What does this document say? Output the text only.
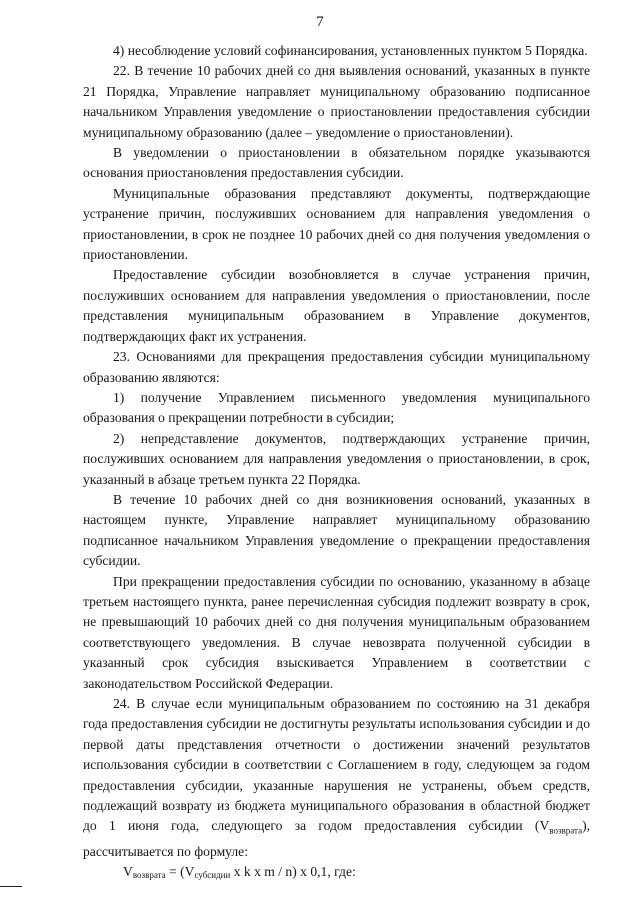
7

4) несоблюдение условий софинансирования, установленных пунктом 5 Порядка.

22. В течение 10 рабочих дней со дня выявления оснований, указанных в пункте 21 Порядка, Управление направляет муниципальному образованию подписанное начальником Управления уведомление о приостановлении предоставления субсидии муниципальному образованию (далее – уведомление о приостановлении).

В уведомлении о приостановлении в обязательном порядке указываются основания приостановления предоставления субсидии.

Муниципальные образования представляют документы, подтверждающие устранение причин, послуживших основанием для направления уведомления о приостановлении, в срок не позднее 10 рабочих дней со дня получения уведомления о приостановлении.

Предоставление субсидии возобновляется в случае устранения причин, послуживших основанием для направления уведомления о приостановлении, после представления муниципальным образованием в Управление документов, подтверждающих факт их устранения.

23. Основаниями для прекращения предоставления субсидии муниципальному образованию являются:

1) получение Управлением письменного уведомления муниципального образования о прекращении потребности в субсидии;

2) непредставление документов, подтверждающих устранение причин, послуживших основанием для направления уведомления о приостановлении, в срок, указанный в абзаце третьем пункта 22 Порядка.

В течение 10 рабочих дней со дня возникновения оснований, указанных в настоящем пункте, Управление направляет муниципальному образованию подписанное начальником Управления уведомление о прекращении предоставления субсидии.

При прекращении предоставления субсидии по основанию, указанному в абзаце третьем настоящего пункта, ранее перечисленная субсидия подлежит возврату в срок, не превышающий 10 рабочих дней со дня получения муниципальным образованием соответствующего уведомления. В случае невозврата полученной субсидии в указанный срок субсидия взыскивается Управлением в соответствии с законодательством Российской Федерации.

24. В случае если муниципальным образованием по состоянию на 31 декабря года предоставления субсидии не достигнуты результаты использования субсидии и до первой даты представления отчетности о достижении значений результатов использования субсидии в соответствии с Соглашением в году, следующем за годом предоставления субсидии, указанные нарушения не устранены, объем средств, подлежащий возврату из бюджета муниципального образования в областной бюджет до 1 июня года, следующего за годом предоставления субсидии $(V_{возврата})$, рассчитывается по формуле:

$V_{возврата} = (V_{субсидии}$ x k x m / n) x 0,1, где:
